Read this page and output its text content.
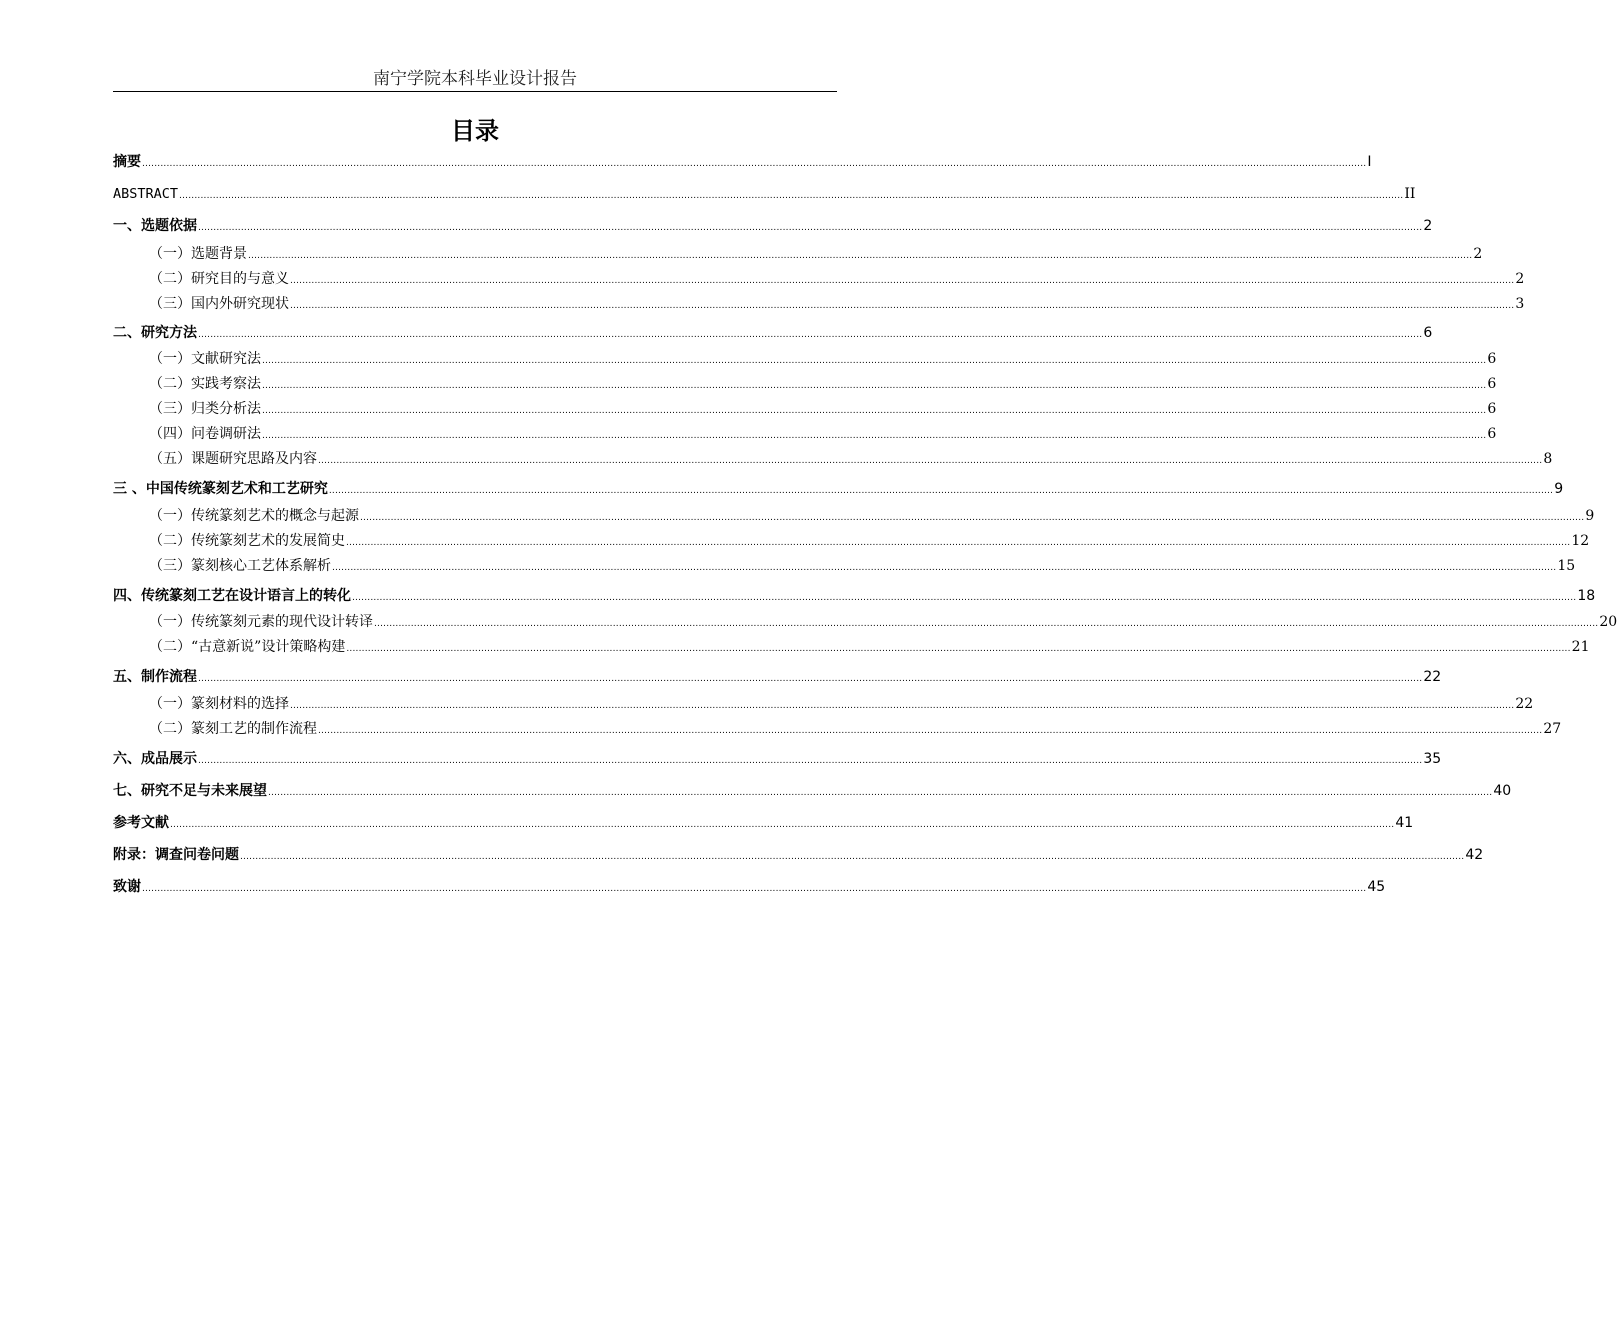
南宁学院本科毕业设计报告
目录
摘要 ................................................................................................................................................................................................................................................................................................................................................................................................................ I
ABSTRACT ................................................................................................................................................................................................................................................................................................................................................................................................................ II
一、选题依据 ................................................................................................................................................................................................................................................................................................................................................................................................................ 2
（一）选题背景 ................................................................................................................................................................................................................................................................................................................................................................................................................ 2
（二）研究目的与意义 ................................................................................................................................................................................................................................................................................................................................................................................................................ 2
（三）国内外研究现状 ................................................................................................................................................................................................................................................................................................................................................................................................................ 3
二、研究方法 ................................................................................................................................................................................................................................................................................................................................................................................................................ 6
（一）文献研究法 ................................................................................................................................................................................................................................................................................................................................................................................................................ 6
（二）实践考察法 ................................................................................................................................................................................................................................................................................................................................................................................................................ 6
（三）归类分析法 ................................................................................................................................................................................................................................................................................................................................................................................................................ 6
（四）问卷调研法 ................................................................................................................................................................................................................................................................................................................................................................................................................ 6
（五）课题研究思路及内容 ................................................................................................................................................................................................................................................................................................................................................................................................................ 8
三 、中国传统篆刻艺术和工艺研究 ................................................................................................................................................................................................................................................................................................................................................................................................................ 9
（一）传统篆刻艺术的概念与起源 ................................................................................................................................................................................................................................................................................................................................................................................................................ 9
（二）传统篆刻艺术的发展简史 ................................................................................................................................................................................................................................................................................................................................................................................................................ 12
（三）篆刻核心工艺体系解析 ................................................................................................................................................................................................................................................................................................................................................................................................................ 15
四、传统篆刻工艺在设计语言上的转化 ................................................................................................................................................................................................................................................................................................................................................................................................................ 18
（一）传统篆刻元素的现代设计转译 ................................................................................................................................................................................................................................................................................................................................................................................................................ 20
（二）“古意新说”设计策略构建 ................................................................................................................................................................................................................................................................................................................................................................................................................ 21
五、制作流程 ................................................................................................................................................................................................................................................................................................................................................................................................................ 22
（一）篆刻材料的选择 ................................................................................................................................................................................................................................................................................................................................................................................................................ 22
（二）篆刻工艺的制作流程 ................................................................................................................................................................................................................................................................................................................................................................................................................ 27
六、成品展示 ................................................................................................................................................................................................................................................................................................................................................................................................................ 35
七、研究不足与未来展望 ................................................................................................................................................................................................................................................................................................................................................................................................................ 40
参考文献 ................................................................................................................................................................................................................................................................................................................................................................................................................ 41
附录：调查问卷问题 ................................................................................................................................................................................................................................................................................................................................................................................................................ 42
致谢 ................................................................................................................................................................................................................................................................................................................................................................................................................ 45
